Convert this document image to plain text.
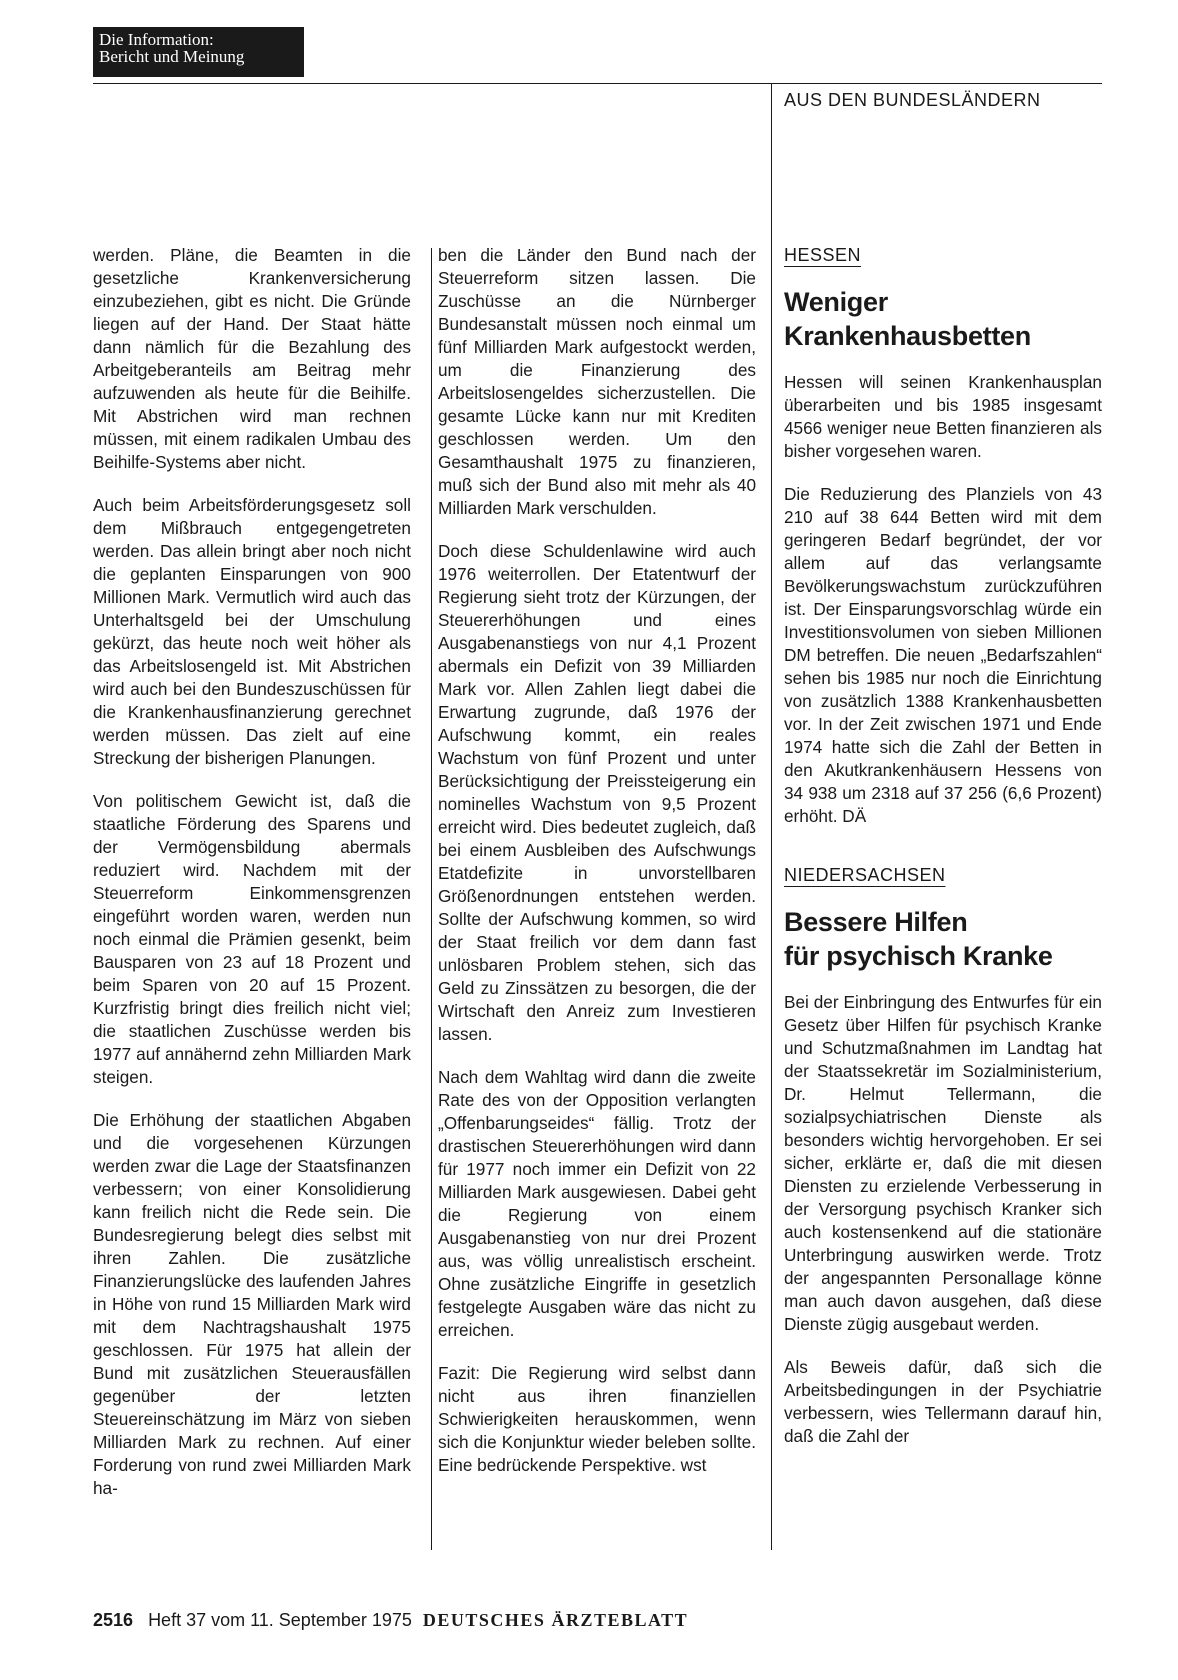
Die Information:
Bericht und Meinung
AUS DEN BUNDESLÄNDERN

werden. Pläne, die Beamten in die gesetzliche Krankenversicherung einzubeziehen, gibt es nicht. Die Gründe liegen auf der Hand. Der Staat hätte dann nämlich für die Bezahlung des Arbeitgeberanteils am Beitrag mehr aufzuwenden als heute für die Beihilfe. Mit Abstrichen wird man rechnen müssen, mit einem radikalen Umbau des Beihilfe-Systems aber nicht.

Auch beim Arbeitsförderungsgesetz soll dem Mißbrauch entgegengetreten werden. Das allein bringt aber noch nicht die geplanten Einsparungen von 900 Millionen Mark. Vermutlich wird auch das Unterhaltsgeld bei der Umschulung gekürzt, das heute noch weit höher als das Arbeitslosengeld ist. Mit Abstrichen wird auch bei den Bundeszuschüssen für die Krankenhausfinanzierung gerechnet werden müssen. Das zielt auf eine Streckung der bisherigen Planungen.

Von politischem Gewicht ist, daß die staatliche Förderung des Sparens und der Vermögensbildung abermals reduziert wird. Nachdem mit der Steuerreform Einkommensgrenzen eingeführt worden waren, werden nun noch einmal die Prämien gesenkt, beim Bausparen von 23 auf 18 Prozent und beim Sparen von 20 auf 15 Prozent. Kurzfristig bringt dies freilich nicht viel; die staatlichen Zuschüsse werden bis 1977 auf annähernd zehn Milliarden Mark steigen.

Die Erhöhung der staatlichen Abgaben und die vorgesehenen Kürzungen werden zwar die Lage der Staatsfinanzen verbessern; von einer Konsolidierung kann freilich nicht die Rede sein. Die Bundesregierung belegt dies selbst mit ihren Zahlen. Die zusätzliche Finanzierungslücke des laufenden Jahres in Höhe von rund 15 Milliarden Mark wird mit dem Nachtragshaushalt 1975 geschlossen. Für 1975 hat allein der Bund mit zusätzlichen Steuerausfällen gegenüber der letzten Steuereinschätzung im März von sieben Milliarden Mark zu rechnen. Auf einer Forderung von rund zwei Milliarden Mark ha-

ben die Länder den Bund nach der Steuerreform sitzen lassen. Die Zuschüsse an die Nürnberger Bundesanstalt müssen noch einmal um fünf Milliarden Mark aufgestockt werden, um die Finanzierung des Arbeitslosengeldes sicherzustellen. Die gesamte Lücke kann nur mit Krediten geschlossen werden. Um den Gesamthaushalt 1975 zu finanzieren, muß sich der Bund also mit mehr als 40 Milliarden Mark verschulden.

Doch diese Schuldenlawine wird auch 1976 weiterrollen. Der Etatentwurf der Regierung sieht trotz der Kürzungen, der Steuererhöhungen und eines Ausgabenanstiegs von nur 4,1 Prozent abermals ein Defizit von 39 Milliarden Mark vor. Allen Zahlen liegt dabei die Erwartung zugrunde, daß 1976 der Aufschwung kommt, ein reales Wachstum von fünf Prozent und unter Berücksichtigung der Preissteigerung ein nominelles Wachstum von 9,5 Prozent erreicht wird. Dies bedeutet zugleich, daß bei einem Ausbleiben des Aufschwungs Etatdefizite in unvorstellbaren Größenordnungen entstehen werden. Sollte der Aufschwung kommen, so wird der Staat freilich vor dem dann fast unlösbaren Problem stehen, sich das Geld zu Zinssätzen zu besorgen, die der Wirtschaft den Anreiz zum Investieren lassen.

Nach dem Wahltag wird dann die zweite Rate des von der Opposition verlangten „Offenbarungseides“ fällig. Trotz der drastischen Steuererhöhungen wird dann für 1977 noch immer ein Defizit von 22 Milliarden Mark ausgewiesen. Dabei geht die Regierung von einem Ausgabenanstieg von nur drei Prozent aus, was völlig unrealistisch erscheint. Ohne zusätzliche Eingriffe in gesetzlich festgelegte Ausgaben wäre das nicht zu erreichen.

Fazit: Die Regierung wird selbst dann nicht aus ihren finanziellen Schwierigkeiten herauskommen, wenn sich die Konjunktur wieder beleben sollte. Eine bedrückende Perspektive. wst

HESSEN
Weniger
Krankenhausbetten

Hessen will seinen Krankenhausplan überarbeiten und bis 1985 insgesamt 4566 weniger neue Betten finanzieren als bisher vorgesehen waren.

Die Reduzierung des Planziels von 43 210 auf 38 644 Betten wird mit dem geringeren Bedarf begründet, der vor allem auf das verlangsamte Bevölkerungswachstum zurückzuführen ist. Der Einsparungsvorschlag würde ein Investitionsvolumen von sieben Millionen DM betreffen. Die neuen „Bedarfszahlen“ sehen bis 1985 nur noch die Einrichtung von zusätzlich 1388 Krankenhausbetten vor. In der Zeit zwischen 1971 und Ende 1974 hatte sich die Zahl der Betten in den Akutkrankenhäusern Hessens von 34 938 um 2318 auf 37 256 (6,6 Prozent) erhöht. DÄ

NIEDERSACHSEN
Bessere Hilfen
für psychisch Kranke

Bei der Einbringung des Entwurfes für ein Gesetz über Hilfen für psychisch Kranke und Schutzmaßnahmen im Landtag hat der Staatssekretär im Sozialministerium, Dr. Helmut Tellermann, die sozialpsychiatrischen Dienste als besonders wichtig hervorgehoben. Er sei sicher, erklärte er, daß die mit diesen Diensten zu erzielende Verbesserung in der Versorgung psychisch Kranker sich auch kostensenkend auf die stationäre Unterbringung auswirken werde. Trotz der angespannten Personallage könne man auch davon ausgehen, daß diese Dienste zügig ausgebaut werden.

Als Beweis dafür, daß sich die Arbeitsbedingungen in der Psychiatrie verbessern, wies Tellermann darauf hin, daß die Zahl der

2516 Heft 37 vom 11. September 1975 DEUTSCHES ÄRZTEBLATT
